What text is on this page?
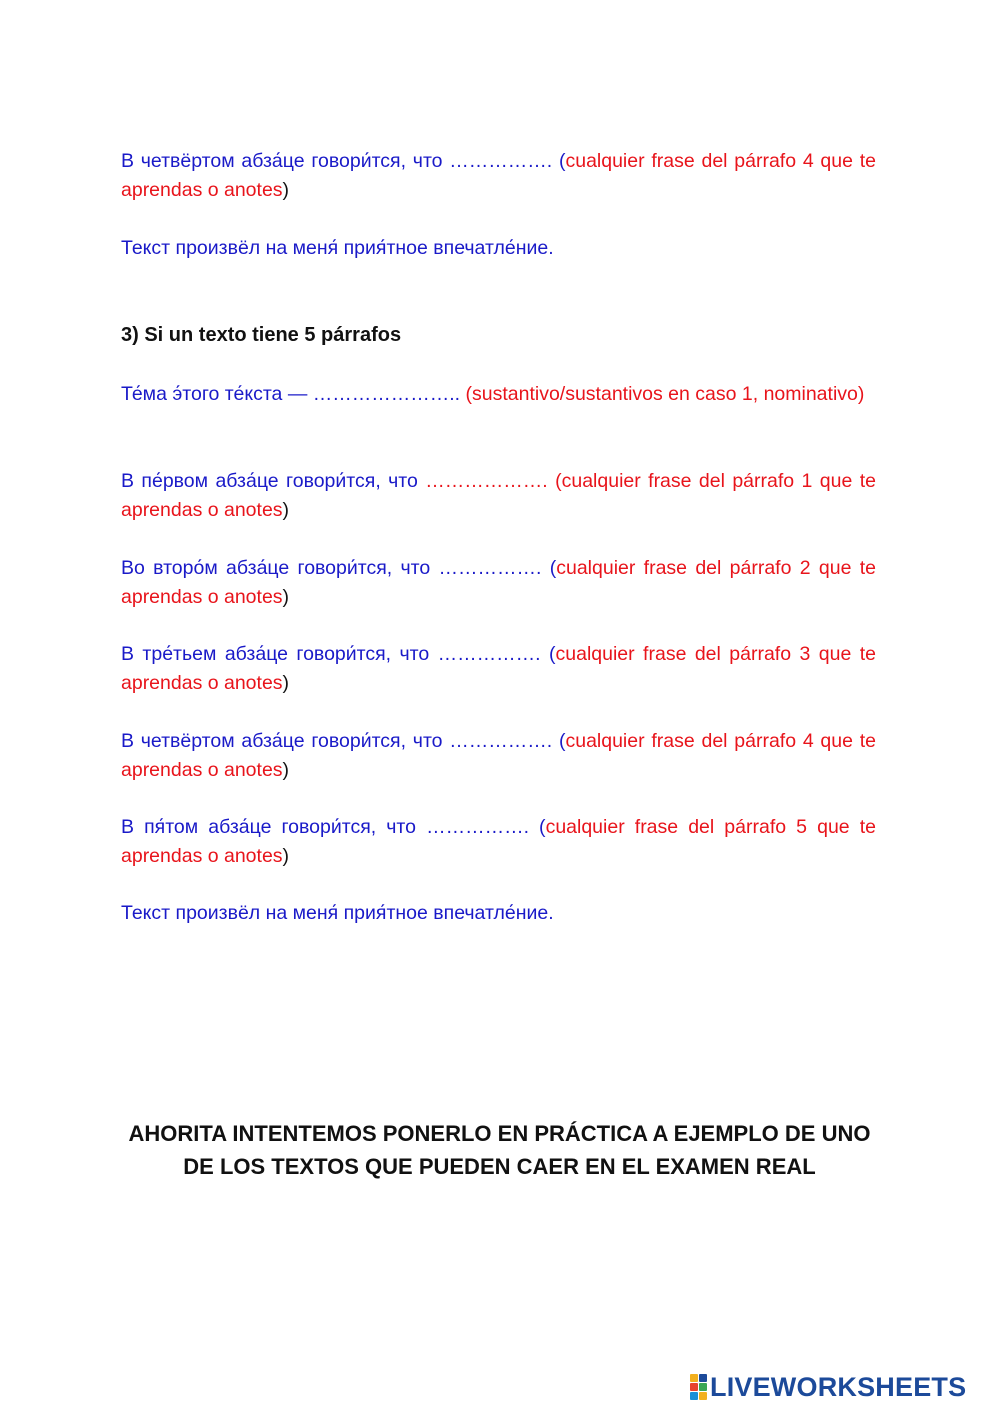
В четвёртом абза́це говори́тся, что ……………. (cualquier frase del párrafo 4 que te aprendas o anotes)

Текст произвёл на меня́ прия́тное впечатле́ние.

3) Si un texto tiene 5 párrafos

Те́ма э́того те́кста — ………………….. (sustantivo/sustantivos en caso 1, nominativo)

В пе́рвом абза́це говори́тся, что ………………. (cualquier frase del párrafo 1 que te aprendas o anotes)

Во второ́м абза́це говори́тся, что ……………. (cualquier frase del párrafo 2 que te aprendas o anotes)

В тре́тьем абза́це говори́тся, что ……………. (cualquier frase del párrafo 3 que te aprendas o anotes)

В четвёртом абза́це говори́тся, что ……………. (cualquier frase del párrafo 4 que te aprendas o anotes)

В пя́том абза́це говори́тся, что ……………. (cualquier frase del párrafo 5 que te aprendas o anotes)

Текст произвёл на меня́ прия́тное впечатле́ние.

AHORITA INTENTEMOS PONERLO EN PRÁCTICA A EJEMPLO DE UNO DE LOS TEXTOS QUE PUEDEN CAER EN EL EXAMEN REAL
LIVEWORKSHEETS
